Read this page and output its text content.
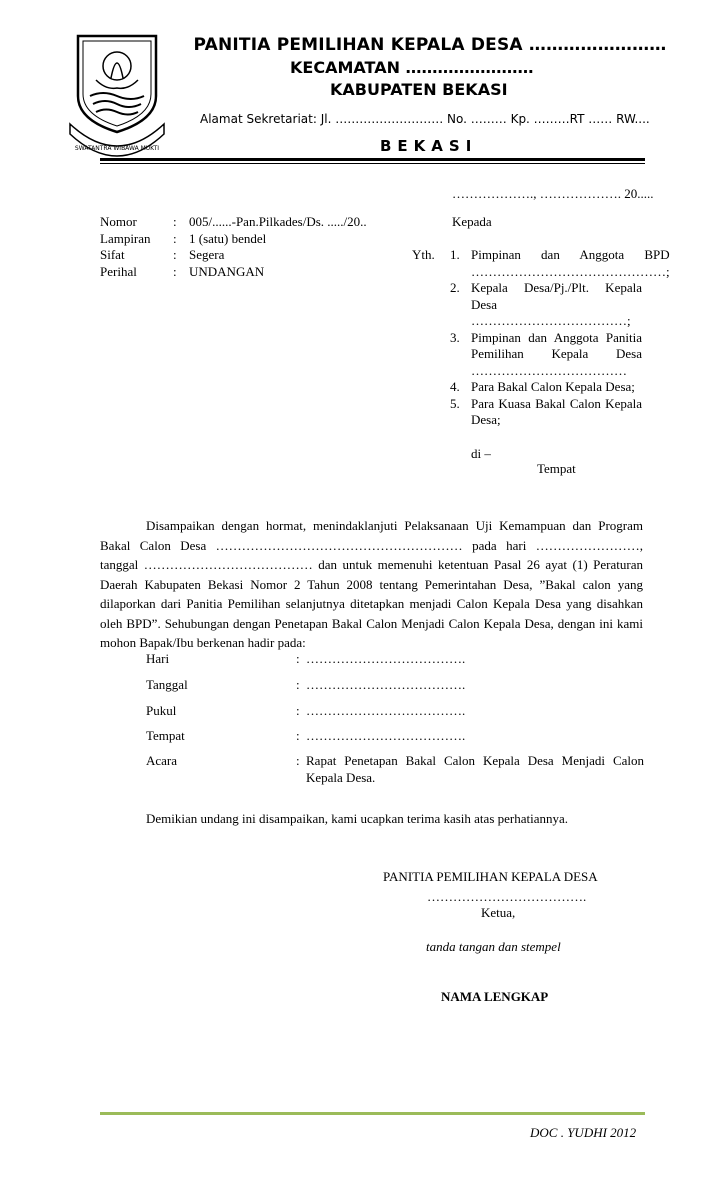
SWATANTRA WIBAWA MUKTI
PANITIA PEMILIHAN KEPALA DESA ……………………
KECAMATAN ……………………
KABUPATEN BEKASI
Alamat Sekretariat: Jl. ……………………… No. ……… Kp. ………RT …… RW....
BEKASI
………………., ………………. 20.....
Nomor	:	005/......-Pan.Pilkades/Ds. ...../20..
Lampiran	:	1 (satu) bendel
Sifat	:	Segera
Perihal	:	UNDANGAN
Kepada
Yth. 1. Pimpinan dan Anggota BPD ………………………………………;
2. Kepala Desa/Pj./Plt. Kepala Desa ………………………………;
3. Pimpinan dan Anggota Panitia Pemilihan Kepala Desa ………………………………
4. Para Bakal Calon Kepala Desa;
5. Para Kuasa Bakal Calon Kepala Desa;
di –
Tempat
Disampaikan dengan hormat, menindaklanjuti Pelaksanaan Uji Kemampuan dan Program Bakal Calon Desa ………………………………………………… pada hari ……………………, tanggal ………………………………… dan untuk memenuhi ketentuan Pasal 26 ayat (1) Peraturan Daerah Kabupaten Bekasi Nomor 2 Tahun 2008 tentang Pemerintahan Desa, ”Bakal calon yang dilaporkan dari Panitia Pemilihan selanjutnya ditetapkan menjadi Calon Kepala Desa yang disahkan oleh BPD”. Sehubungan dengan Penetapan Bakal Calon Menjadi Calon Kepala Desa, dengan ini kami mohon Bapak/Ibu berkenan hadir pada:
Hari	: ……………………………….
Tanggal	: ……………………………….
Pukul	: ……………………………….
Tempat	: ……………………………….
Acara	: Rapat Penetapan Bakal Calon Kepala Desa Menjadi Calon Kepala Desa.
Demikian undang ini disampaikan, kami ucapkan terima kasih atas perhatiannya.
PANITIA PEMILIHAN KEPALA DESA
……………………………….
Ketua,
tanda tangan dan stempel
NAMA LENGKAP
DOC . YUDHI 2012
